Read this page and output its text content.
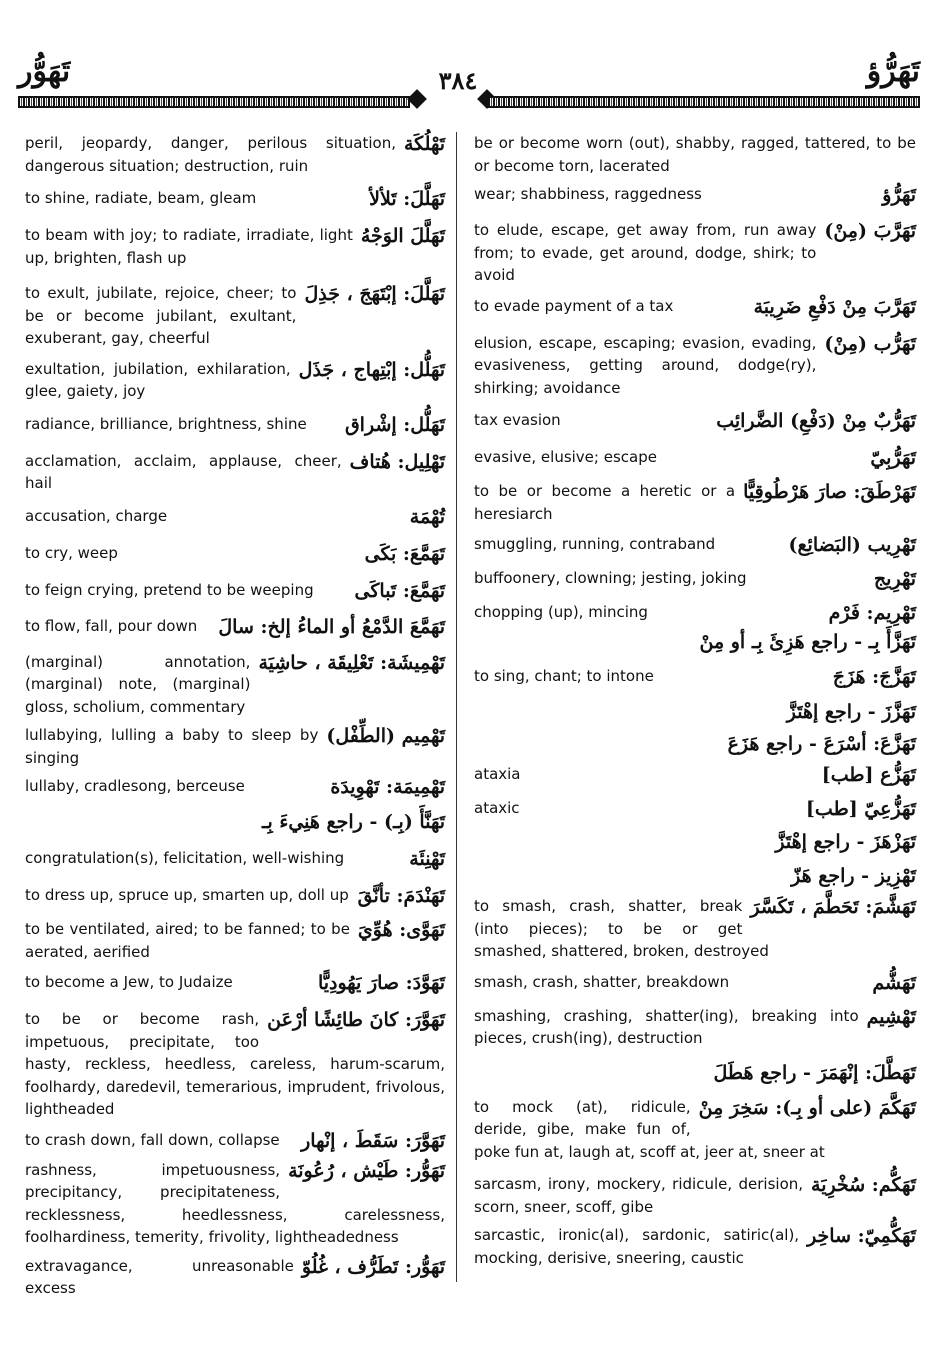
تَهَوُّر	٣٨٤	تَهَرُّؤ
تَهْلُكَة
peril, jeopardy, danger, perilous situation, dangerous situation; destruction, ruin
تَهَلَّلَ: تَلألأ
to shine, radiate, beam, gleam
تَهَلَّلَ الوَجْهُ
to beam with joy; to radiate, irradiate, light up, brighten, flash up
تَهَلَّلَ: إبْتَهَجَ ، جَذِلَ
to exult, jubilate, rejoice, cheer; to be or become jubilant, exultant, exuberant, gay, cheerful
تَهَلُّل: إبْتِهاج ، جَذَل
exultation, jubilation, exhilaration, glee, gaiety, joy
تَهَلُّل: إشْراق
radiance, brilliance, brightness, shine
تَهْلِيل: هُتاف
acclamation, acclaim, applause, cheer, hail
تُهْمَة
accusation, charge
تَهَمَّعَ: بَكَى
to cry, weep
تَهَمَّعَ: تَباكَى
to feign crying, pretend to be weeping
تَهَمَّعَ الدَّمْعُ أو الماءُ إلخ: سالَ
to flow, fall, pour down
تَهْمِيشَة: تَعْلِيقَة ، حاشِيَة
(marginal) annotation, (marginal) note, (marginal) gloss, scholium, commentary
تَهْمِيم (الطِّفْل)
lullabying, lulling a baby to sleep by singing
تَهْمِيمَة: تَهْوِيدَة
lullaby, cradlesong, berceuse
تَهَنَّأَ (بِـ) - راجع هَنِيءَ بِـ
تَهْنِئَة
congratulation(s), felicitation, well-wishing
تَهَنْدَمَ: تأنَّقَ
to dress up, spruce up, smarten up, doll up
تَهَوَّى: هُوِّيَ
to be ventilated, aired; to be fanned; to be aerated, aerified
تَهَوَّدَ: صارَ يَهُودِيًّا
to become a Jew, to Judaize
تَهَوَّرَ: كانَ طائِشًا أرْعَن
to be or become rash, impetuous, precipitate, too hasty, reckless, heedless, careless, harum-scarum, foolhardy, daredevil, temerarious, imprudent, frivolous, lightheaded
تَهَوَّرَ: سَقَطَ ، إنْهار
to crash down, fall down, collapse
تَهَوُّر: طَيْش ، رُعُونَة
rashness, impetuousness, precipitancy, precipitateness, recklessness, heedlessness, carelessness, foolhardiness, temerity, frivolity, lightheadedness
تَهَوُّر: تَطَرُّف ، غُلُوّ
extravagance, unreasonable excess
be or become worn (out), shabby, ragged, tattered, to be or become torn, lacerated
تَهَرُّؤ
wear; shabbiness, raggedness
تَهَرَّبَ (مِنْ)
to elude, escape, get away from, run away from; to evade, get around, dodge, shirk; to avoid
تَهَرَّبَ مِنْ دَفْعِ ضَرِيبَة
to evade payment of a tax
تَهَرُّب (مِنْ)
elusion, escape, escaping; evasion, evading, evasiveness, getting around, dodge(ry), shirking; avoidance
تَهَرُّبٌ مِنْ (دَفْعِ) الضَّرائِب
tax evasion
تَهَرُّبِيّ
evasive, elusive; escape
تَهَرْطَقَ: صارَ هَرْطُوقِيًّا
to be or become a heretic or a heresiarch
تَهْرِيب (البَضائِع)
smuggling, running, contraband
تَهْرِيج
buffoonery, clowning; jesting, joking
تَهْرِيم: فَرْم
chopping (up), mincing
تَهَزَّأَ بِـ - راجع هَزِئَ بِـ أو مِنْ
تَهَزَّجَ: هَزَجَ
to sing, chant; to intone
تَهَزَّزَ - راجع إهْتَزَّ
تَهَزَّعَ: أسْرَعَ - راجع هَزَعَ
تَهَزُّع [طب]
ataxia
تَهَزُّعِيّ [طب]
ataxic
تَهَزْهَزَ - راجع إهْتَزَّ
تَهْزِيز - راجع هَزّ
تَهَشَّمَ: تَحَطَّمَ ، تَكَسَّرَ
to smash, crash, shatter, break (into pieces); to be or get smashed, shattered, broken, destroyed
تَهَشُّم
smash, crash, shatter, breakdown
تَهْشِيم
smashing, crashing, shatter(ing), breaking into pieces, crush(ing), destruction
تَهَطَّلَ: إنْهَمَرَ - راجع هَطَلَ
تَهَكَّمَ (على أو بِـ): سَخِرَ مِنْ
to mock (at), ridicule, deride, gibe, make fun of, poke fun at, laugh at, scoff at, jeer at, sneer at
تَهَكُّم: سُخْرِيَة
sarcasm, irony, mockery, ridicule, derision, scorn, sneer, scoff, gibe
تَهَكُّمِيّ: ساخِر
sarcastic, ironic(al), sardonic, satiric(al), mocking, derisive, sneering, caustic
